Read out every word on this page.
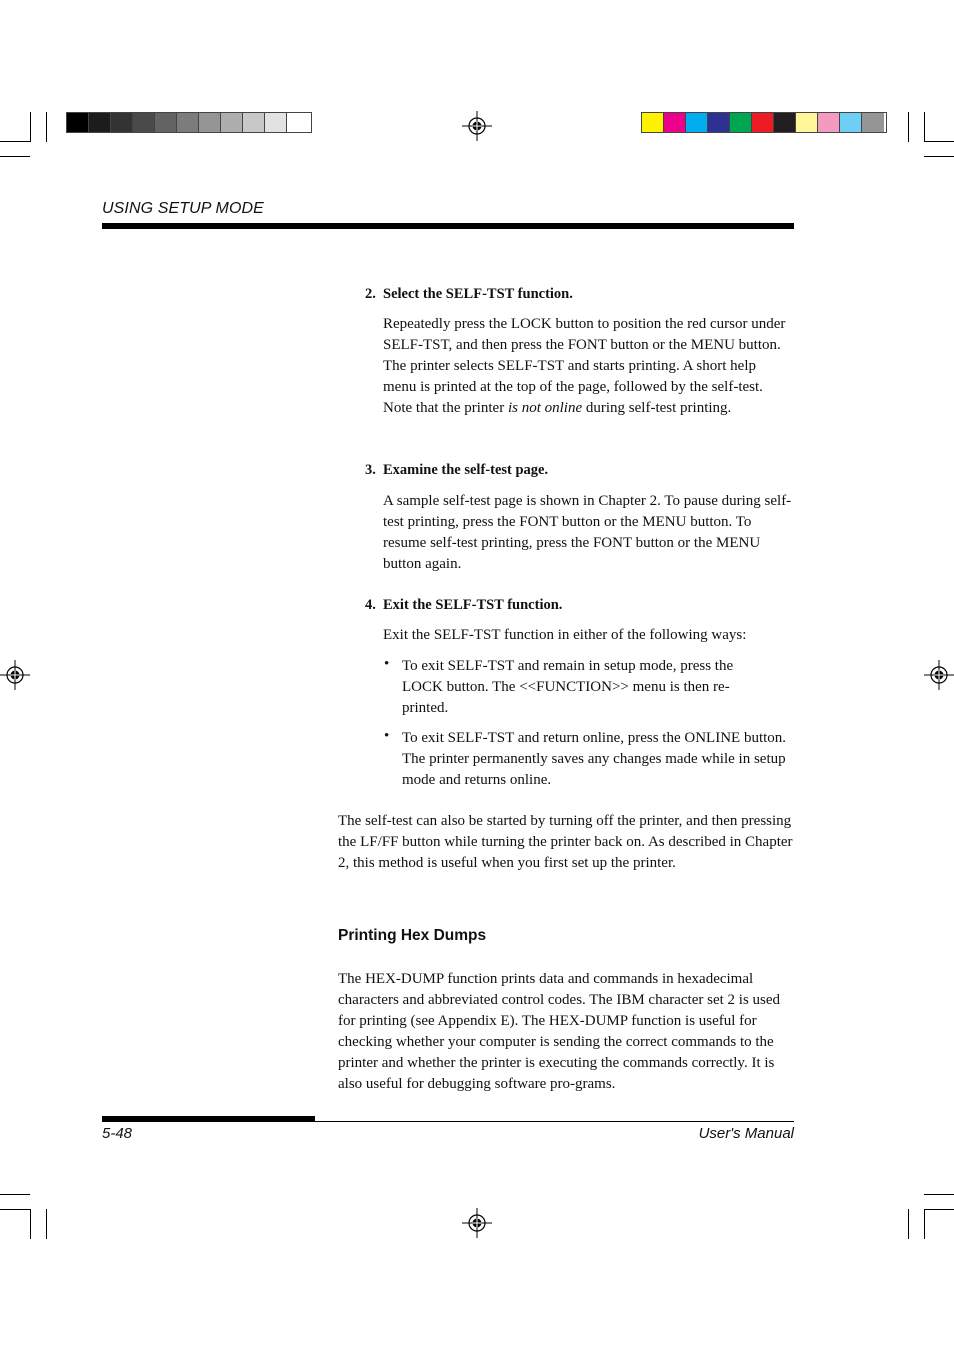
USING SETUP MODE
2. Select the SELF-TST function.

Repeatedly press the LOCK button to position the red cursor under SELF-TST, and then press the FONT button or the MENU button. The printer selects SELF-TST and starts printing. A short help menu is printed at the top of the page, followed by the self-test. Note that the printer is not online during self-test printing.

3. Examine the self-test page.

A sample self-test page is shown in Chapter 2. To pause during self-test printing, press the FONT button or the MENU button. To resume self-test printing, press the FONT button or the MENU button again.

4. Exit the SELF-TST function.

Exit the SELF-TST function in either of the following ways:

• To exit SELF-TST and remain in setup mode, press the LOCK button. The <<FUNCTION>> menu is then re-printed.

• To exit SELF-TST and return online, press the ONLINE button. The printer permanently saves any changes made while in setup mode and returns online.

The self-test can also be started by turning off the printer, and then pressing the LF/FF button while turning the printer back on. As described in Chapter 2, this method is useful when you first set up the printer.

Printing Hex Dumps

The HEX-DUMP function prints data and commands in hexadecimal characters and abbreviated control codes. The IBM character set 2 is used for printing (see Appendix E). The HEX-DUMP function is useful for checking whether your computer is sending the correct commands to the printer and whether the printer is executing the commands correctly. It is also useful for debugging software pro-grams.

5-48	User's Manual
